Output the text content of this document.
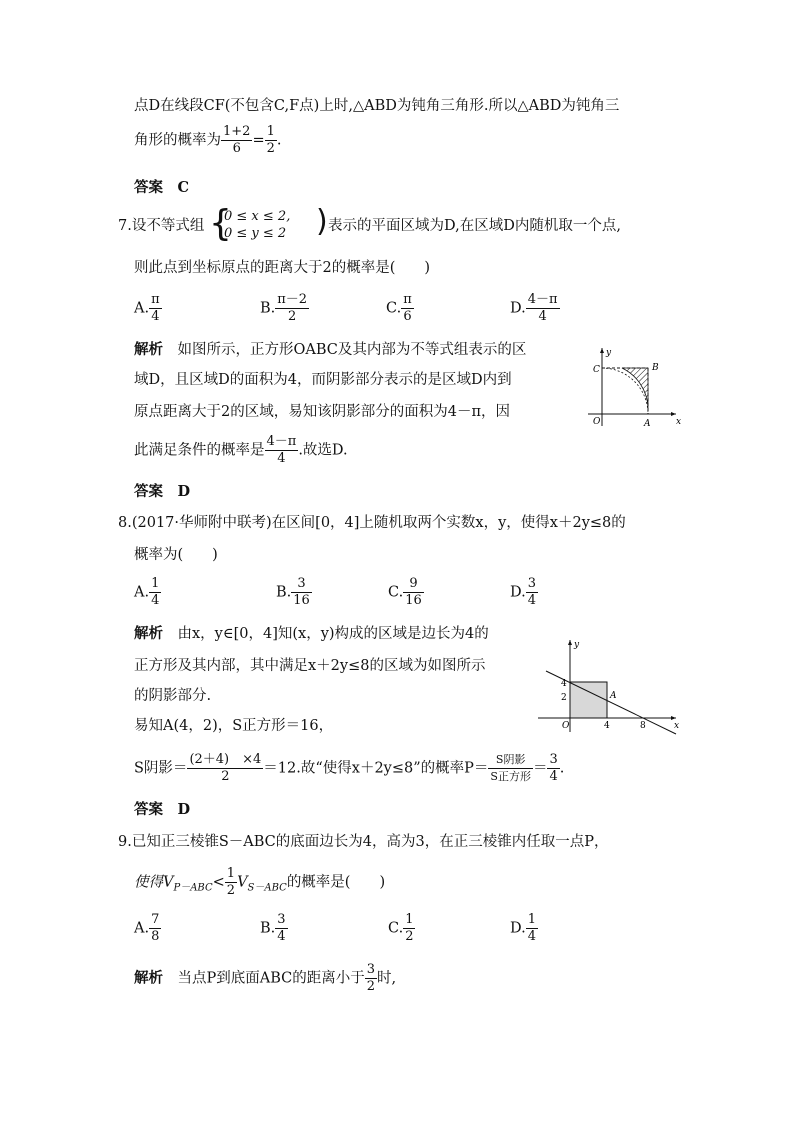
点D在线段CF(不包含C,F点)上时,△ABD为钝角三角形.所以△ABD为钝角三
角形的概率为 $\frac{1+2}{6} = \frac{1}{2}$ .
答案　C
7.设不等式组 {
0 ≤ x ≤ 2,
0 ≤ y ≤ 2 ) 表示的平面区域为D,在区域D内随机取一个点,
则此点到坐标原点的距离大于2的概率是(　　)
A. $\frac{\pi}{4}$	B. $\frac{\pi-2}{2}$	C. $\frac{\pi}{6}$	D. $\frac{4-\pi}{4}$
解析　 如图所示，正方形OABC及其内部为不等式组表示的区
域D，且区域D的面积为4，而阴影部分表示的是区域D内到
原点距离大于2的区域，易知该阴影部分的面积为4－π，因
此满足条件的概率是 $\frac{4-\pi}{4}$ .故选D.
答案　D
y
x
B
C
O	A
8.(2017·华师附中联考)在区间[0，4]上随机取两个实数x，y，使得x＋2y≤8的
概率为(　　)
A. $\frac{1}{4}$	B. $\frac{3}{16}$	C. $\frac{9}{16}$	D. $\frac{3}{4}$
解析　 由x，y∈[0，4]知(x，y)构成的区域是边长为4的
正方形及其内部，其中满足x＋2y≤8的区域为如图所示
的阴影部分.
易知A(4，2)，S正方形＝16，
S阴影＝ $\frac{(2+4) \times 4}{2} =12$.故“使得x＋2y≤8”的概率$P= \frac{\text{S阴影}}{\text{S正方形}} = \frac{3}{4}$ .
答案　D
y
x
4
2
O
A
4	8
9.已知正三棱锥S－ABC的底面边长为4，高为3，在正三棱锥内任取一点P，
使得$V_{P-ABC}< \frac{1}{2} V_{S-ABC}$的概率是(　　)
A. $\frac{7}{8}$	B. $\frac{3}{4}$	C. $\frac{1}{2}$	D. $\frac{1}{4}$
解析　 当点P到底面ABC的距离小于 $\frac{3}{2}$ 时,
